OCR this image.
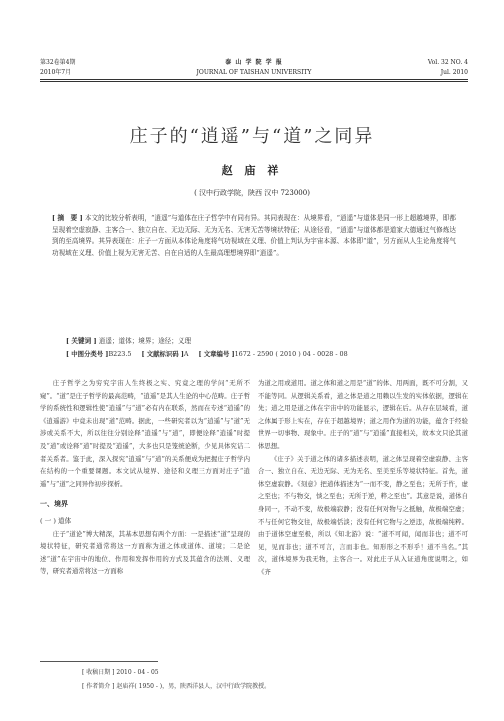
第32卷第4期
2010年7月
泰 山 学 院 学 报
JOURNAL OF TAISHAN UNIVERSITY
Vol. 32 NO. 4
Jul. 2010
庄子的“逍遥”与“道”之同异
赵 庙 祥
( 汉中行政学院，陕西 汉中 723000)
[ 摘　要 ] 本文的比较分析表明，“逍遥”与道体在庄子哲学中有同有异。其同表现在：从境界看，“逍遥”与道体是同一形上超越境界，即都呈现着空虚寂静、主客合一、独立自在、无边无际、无为无名、无害无苦等境状特征；从途径看，“逍遥”与道体都是道家大德通过气修炼达到的至高境界。其异表现在：庄子一方面从本体论角度将气功视域在义理、价值上判认为宇宙本源、本体即“道”，另方面从人生论角度将气功视域在义理、价值上视为无害无苦、自在自适的人生最高理想境界即“逍遥”。
[ 关键词 ] 逍遥；道体；境界；途径；义理
[ 中图分类号 ]B223.5 [ 文献标识码 ]A [ 文章编号 ]1672 - 2590 ( 2010 ) 04 - 0028 - 08

庄子哲学之为穷究宇宙人生终极之实、究竟之理的学问“无所不窥”。“道”是庄子哲学的最高范畴，“逍遥”是其人生论的中心范畴。庄子哲学的系统性和逻辑性使“逍遥”与“道”必有内在联系，然而在专述“逍遥”的《逍遥游》中竟未出现“道”范畴。据此，一些研究者以为“逍遥”与“道”无涉或关系不大，所以往往分别诠释“逍遥”与“道”，即便诠释“逍遥”时提及“道”或诠释“道”时提及“逍遥”，大多也只是笼统论断，少见具体究诘二者关系者。鉴于此，深入探究“逍遥”与“道”的关系便成为把握庄子哲学内在结构的一个重要课题。本文试从境界、途径和义理三方面对庄子“逍遥”与“道”之同异作初步探析。

一、境界
( 一 ) 道体

庄子“道论”博大精深，其基本思想有两个方面：一是描述“道”呈现的境状特征，研究者通常将这一方面称为道之体或道体、道境；二是论述“道”在宇宙中的地位、作用和发挥作用的方式及其蕴含的法则、义理等，研究者通常将这一方面称

为道之用或道用。道之体和道之用是“道”的体、用两面，既不可分割，又不能等同。从逻辑关系看，道之体是道之用赖以生发的实体依据，逻辑在先；道之用是道之体在宇宙中的功能显示，逻辑在后。从存在层域看，道之体属于形上实在，存在于超越境界；道之用作为道的功能，蕴含于经验世界一切事物、现象中。庄子的“道”与“逍遥”直接相关，故本文只论其道体思想。

《庄子》关于道之体的诸多描述表明，道之体呈现着空虚寂静、主客合一、独立自在、无边无际、无为无名、至美至乐等境状特征。首先，道体空虚寂静。《刻意》把道体描述为“一而不变，静之至也；无所于忤，虚之至也；不与物交，惔之至也；无所于逆，粹之至也”。其意是说，道体自身同一，不动不变，故极端寂静；没有任何对物与之抵触，故极端空虚；不与任何它物交往，故极端恬淡；没有任何它物与之逆违，故极端纯粹。由于道体空虚至极，所以《知北游》说：“道不可闻，闻而非也；道不可见，见而非也；道不可言，言而非也。知形形之不形乎！道不当名。”其次，道体境界为我无物，主客合一。对此庄子从入证道角度说明之，如《齐

[ 收稿日期 ] 2010 - 04 - 05
[ 作者简介 ] 赵庙祥( 1950 - )，男，陕西洋县人，汉中行政学院教授。
